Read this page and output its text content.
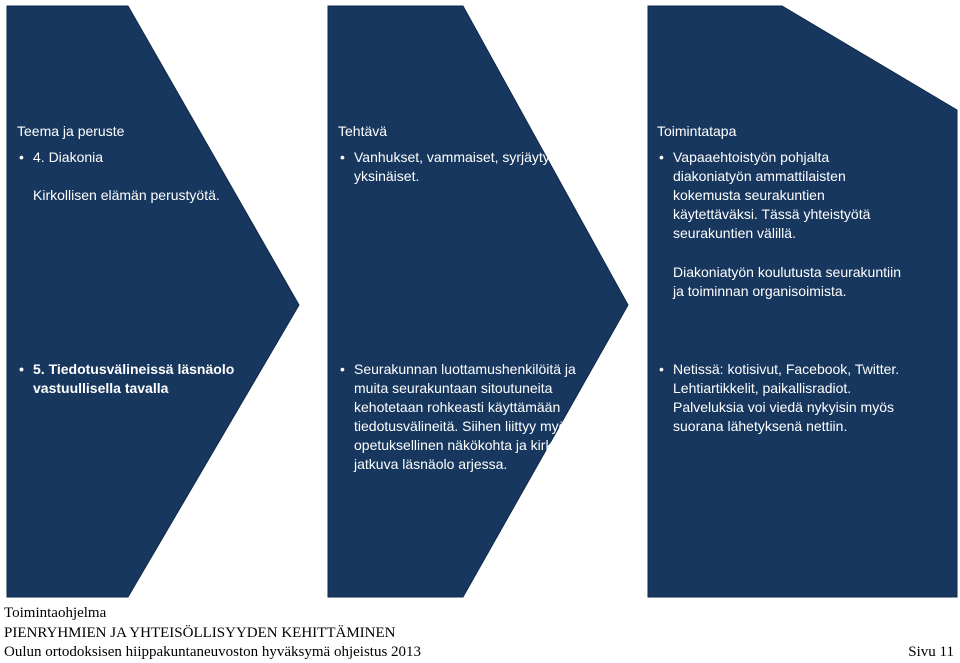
Teema ja peruste
• 4. Diakonia
Kirkollisen elämän perustyötä.
Tehtävä
• Vanhukset, vammaiset, syrjäytyneet,
yksinäiset.
Toimintatapa
• Vapaaehtoistyön pohjalta
diakoniatyön ammattilaisten
kokemusta seurakuntien
käytettäväksi. Tässä yhteistyötä
seurakuntien välillä.
Diakoniatyön koulutusta seurakuntiin
ja toiminnan organisoimista.
• 5. Tiedotusvälineissä läsnäolo
vastuullisella tavalla
• Seurakunnan luottamushenkilöitä ja
muita seurakuntaan sitoutuneita
kehotetaan rohkeasti käyttämään
tiedotusvälineitä. Siihen liittyy myös
opetuksellinen näkökohta ja kirkon
jatkuva läsnäolo arjessa.
• Netissä: kotisivut, Facebook, Twitter.
Lehtiartikkelit, paikallisradiot.
Palveluksia voi viedä nykyisin myös
suorana lähetyksenä nettiin.
Toimintaohjelma
PIENRYHMIEN JA YHTEISÖLLISYYDEN KEHITTÄMINEN
Oulun ortodoksisen hiippakuntaneuvoston hyväksymä ohjeistus 2013	Sivu 11
